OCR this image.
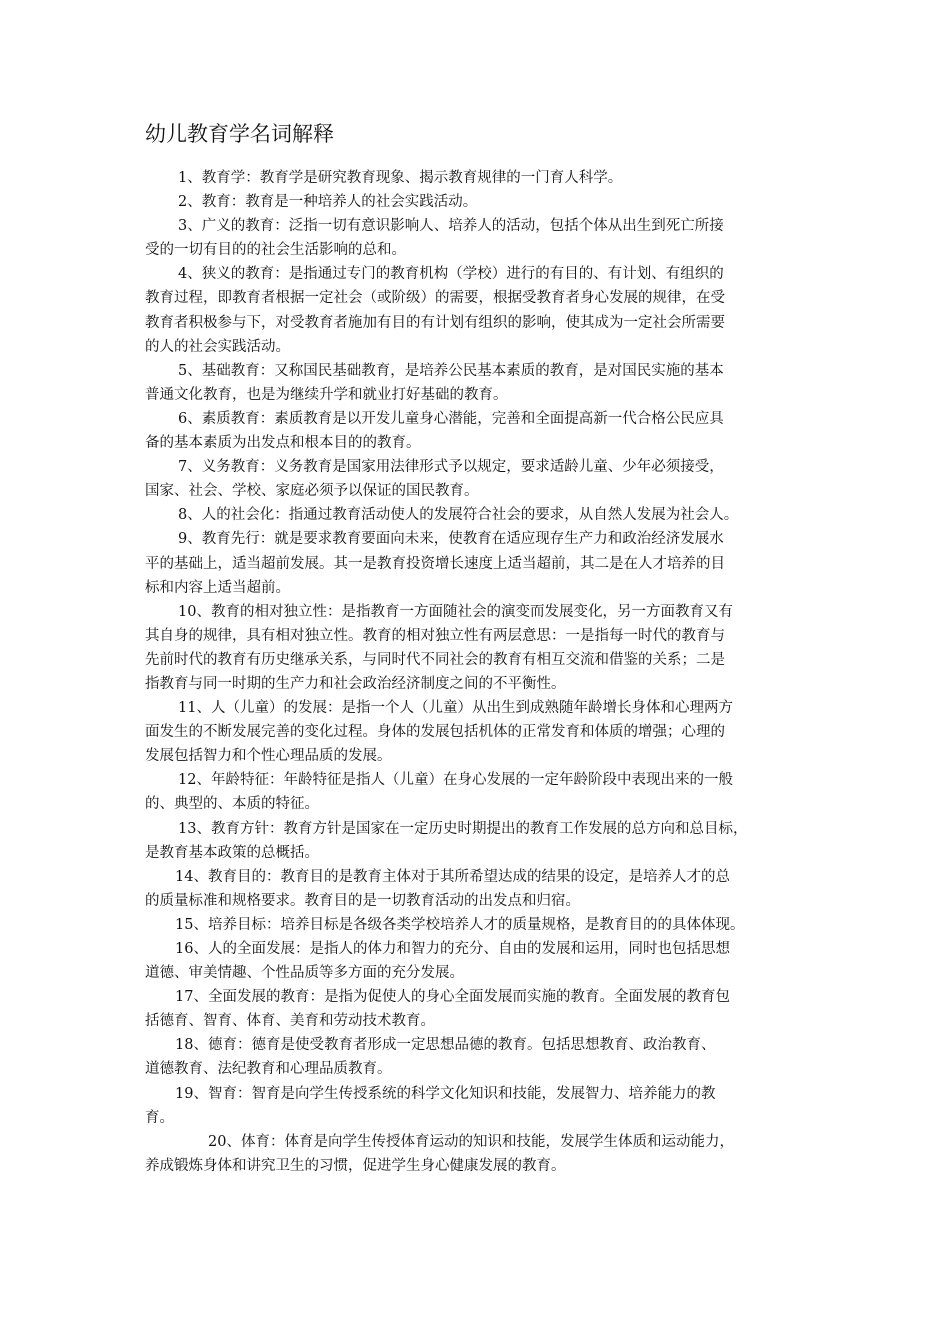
幼儿教育学名词解释

1、教育学：教育学是研究教育现象、揭示教育规律的一门育人科学。

2、教育：教育是一种培养人的社会实践活动。

3、广义的教育：泛指一切有意识影响人、培养人的活动，包括个体从出生到死亡所接
受的一切有目的的社会生活影响的总和。

4、狭义的教育：是指通过专门的教育机构（学校）进行的有目的、有计划、有组织的
教育过程，即教育者根据一定社会（或阶级）的需要，根据受教育者身心发展的规律，在受
教育者积极参与下，对受教育者施加有目的有计划有组织的影响，使其成为一定社会所需要
的人的社会实践活动。

5、基础教育：又称国民基础教育，是培养公民基本素质的教育，是对国民实施的基本
普通文化教育，也是为继续升学和就业打好基础的教育。

6、素质教育：素质教育是以开发儿童身心潜能，完善和全面提高新一代合格公民应具
备的基本素质为出发点和根本目的的教育。

7、义务教育：义务教育是国家用法律形式予以规定，要求适龄儿童、少年必须接受，
国家、社会、学校、家庭必须予以保证的国民教育。

8、人的社会化：指通过教育活动使人的发展符合社会的要求，从自然人发展为社会人。

9、教育先行：就是要求教育要面向未来，使教育在适应现存生产力和政治经济发展水
平的基础上，适当超前发展。其一是教育投资增长速度上适当超前，其二是在人才培养的目
标和内容上适当超前。

10、教育的相对独立性：是指教育一方面随社会的演变而发展变化，另一方面教育又有
其自身的规律，具有相对独立性。教育的相对独立性有两层意思：一是指每一时代的教育与
先前时代的教育有历史继承关系，与同时代不同社会的教育有相互交流和借鉴的关系；二是
指教育与同一时期的生产力和社会政治经济制度之间的不平衡性。

11、人（儿童）的发展：是指一个人（儿童）从出生到成熟随年龄增长身体和心理两方
面发生的不断发展完善的变化过程。身体的发展包括机体的正常发育和体质的增强；心理的
发展包括智力和个性心理品质的发展。

12、年龄特征：年龄特征是指人（儿童）在身心发展的一定年龄阶段中表现出来的一般
的、典型的、本质的特征。

13、教育方针：教育方针是国家在一定历史时期提出的教育工作发展的总方向和总目标，
是教育基本政策的总概括。

14、教育目的：教育目的是教育主体对于其所希望达成的结果的设定，是培养人才的总
的质量标准和规格要求。教育目的是一切教育活动的出发点和归宿。

15、培养目标：培养目标是各级各类学校培养人才的质量规格，是教育目的的具体体现。

16、人的全面发展：是指人的体力和智力的充分、自由的发展和运用，同时也包括思想
道德、审美情趣、个性品质等多方面的充分发展。

17、全面发展的教育：是指为促使人的身心全面发展而实施的教育。全面发展的教育包
括德育、智育、体育、美育和劳动技术教育。

18、德育：德育是使受教育者形成一定思想品德的教育。包括思想教育、政治教育、
道德教育、法纪教育和心理品质教育。

19、智育：智育是向学生传授系统的科学文化知识和技能，发展智力、培养能力的教
育。

20、体育：体育是向学生传授体育运动的知识和技能，发展学生体质和运动能力，
养成锻炼身体和讲究卫生的习惯，促进学生身心健康发展的教育。
